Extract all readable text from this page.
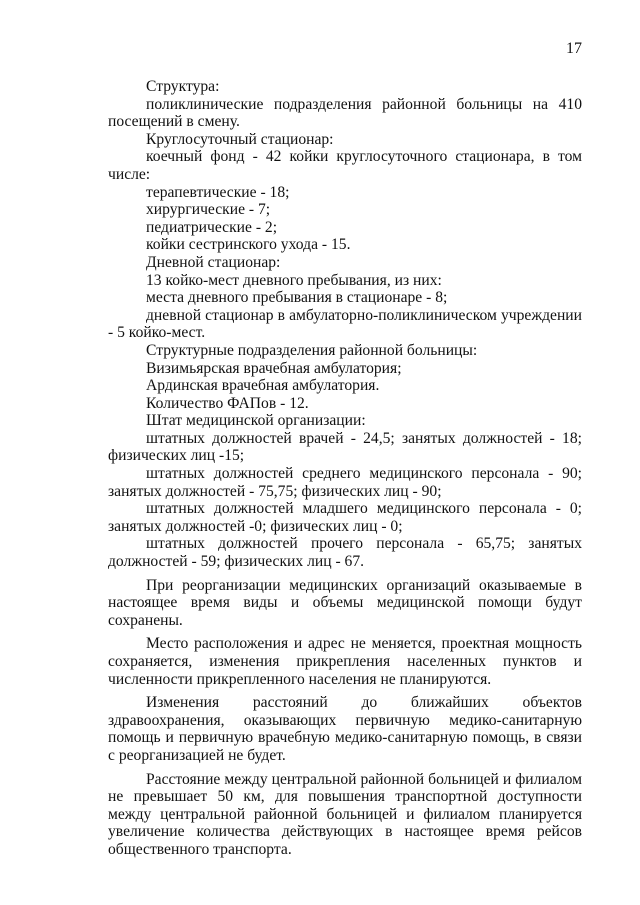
17

Структура:

поликлинические подразделения районной больницы на 410 посещений в смену.

Круглосуточный стационар:

коечный фонд - 42 койки круглосуточного стационара, в том числе:

терапевтические - 18;

хирургические - 7;

педиатрические - 2;

койки сестринского ухода - 15.

Дневной стационар:

13 койко-мест дневного пребывания, из них:

места дневного пребывания в стационаре - 8;

дневной стационар в амбулаторно-поликлиническом учреждении - 5 койко-мест.

Структурные подразделения районной больницы:

Визимьярская врачебная амбулатория;

Ардинская врачебная амбулатория.

Количество ФАПов - 12.

Штат медицинской организации:

штатных должностей врачей - 24,5; занятых должностей - 18; физических лиц -15;

штатных должностей среднего медицинского персонала - 90; занятых должностей - 75,75; физических лиц - 90;

штатных должностей младшего медицинского персонала - 0; занятых должностей -0; физических лиц - 0;

штатных должностей прочего персонала - 65,75; занятых должностей - 59; физических лиц - 67.

При реорганизации медицинских организаций оказываемые в настоящее время виды и объемы медицинской помощи будут сохранены.

Место расположения и адрес не меняется, проектная мощность сохраняется, изменения прикрепления населенных пунктов и численности прикрепленного населения не планируются.

Изменения расстояний до ближайших объектов здравоохранения, оказывающих первичную медико-санитарную помощь и первичную врачебную медико-санитарную помощь, в связи с реорганизацией не будет.

Расстояние между центральной районной больницей и филиалом не превышает 50 км, для повышения транспортной доступности между центральной районной больницей и филиалом планируется увеличение количества действующих в настоящее время рейсов общественного транспорта.
